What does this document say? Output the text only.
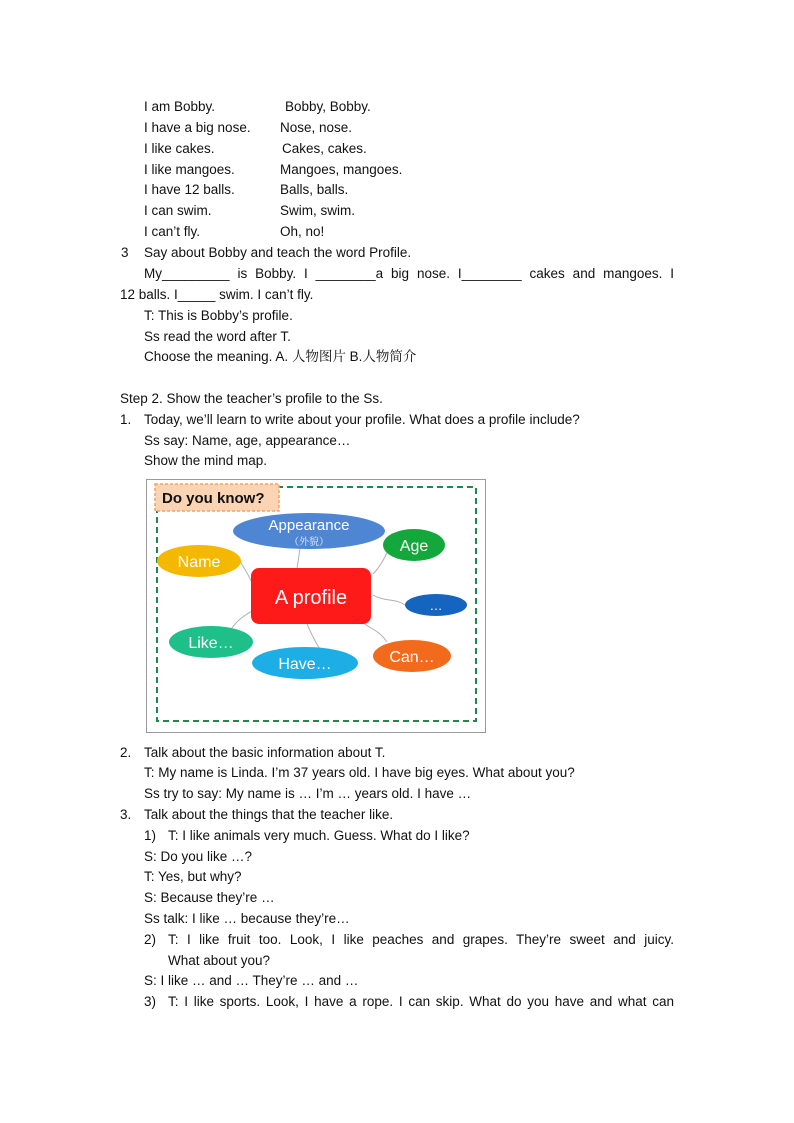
I am Bobby.	Bobby, Bobby.
I have a big nose. Nose, nose.
I like cakes.	Cakes, cakes.
I like mangoes.	Mangoes, mangoes.
I have 12 balls.	Balls, balls.
I can swim.	Swim, swim.
I can’t fly.	Oh, no!
3 Say about Bobby and teach the word Profile.
My_________ is Bobby. I ________a big nose. I________ cakes and mangoes. I
12 balls. I_____ swim. I can’t fly.
T: This is Bobby’s profile.
Ss read the word after T.
Choose the meaning. A. 人物图片 B.人物简介
Step 2. Show the teacher’s profile to the Ss.
1. Today, we’ll learn to write about your profile. What does a profile include?
Ss say: Name, age, appearance…
Show the mind map.
Do you know?
Appearance
（外貌）	Age
Name
A profile	…
Like…
Have…	Can…
2. Talk about the basic information about T.
T: My name is Linda. I’m 37 years old. I have big eyes. What about you?
Ss try to say: My name is … I’m … years old. I have …
3. Talk about the things that the teacher like.
1) T: I like animals very much. Guess. What do I like?
S: Do you like …?
T: Yes, but why?
S: Because they’re …
Ss talk: I like … because they’re…
2) T: I like fruit too. Look, I like peaches and grapes. They’re sweet and juicy.
What about you?
S: I like … and … They’re … and …
3) T: I like sports. Look, I have a rope. I can skip. What do you have and what can
